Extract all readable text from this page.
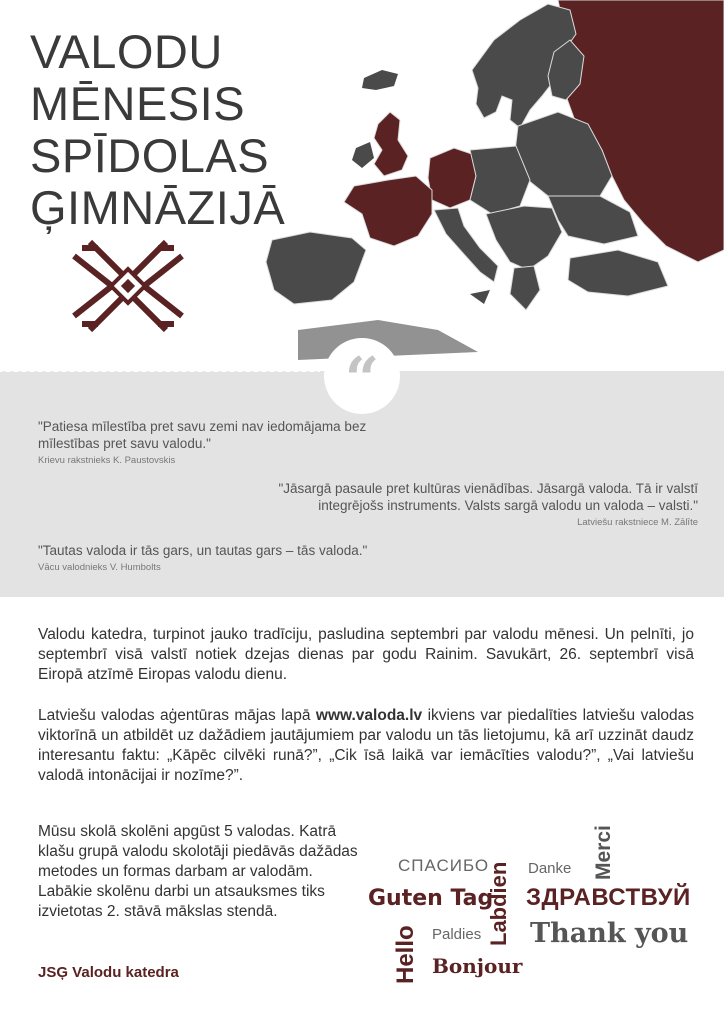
VALODU
MĒNESIS
SPĪDOLAS
ĢIMNĀZIJĀ
“
"Patiesa mīlestība pret savu zemi nav iedomājama bez mīlestības pret savu valodu."
Krievu rakstnieks K. Paustovskis
"Jāsargā pasaule pret kultūras vienādības. Jāsargā valoda. Tā ir valstī integrējošs instruments. Valsts sargā valodu un valoda – valsti."
Latviešu rakstniece M. Zālīte
"Tautas valoda ir tās gars, un tautas gars – tās valoda."
Vācu valodnieks V. Humbolts

Valodu katedra, turpinot jauko tradīciju, pasludina septembri par valodu mēnesi. Un pelnīti, jo septembrī visā valstī notiek dzejas dienas par godu Rainim. Savukārt, 26. septembrī visā Eiropā atzīmē Eiropas valodu dienu.

Latviešu valodas aģentūras mājas lapā www.valoda.lv ikviens var piedalīties latviešu valodas viktorīnā un atbildēt uz dažādiem jautājumiem par valodu un tās lietojumu, kā arī uzzināt daudz interesantu faktu: „Kāpēc cilvēki runā?”, „Cik īsā laikā var iemācīties valodu?”, „Vai latviešu valodā intonācijai ir nozīme?”.

Mūsu skolā skolēni apgūst 5 valodas. Katrā klašu grupā valodu skolotāji piedāvās dažādas metodes un formas darbam ar valodām. Labākie skolēnu darbi un atsauksmes tiks izvietotas 2. stāvā mākslas stendā.

JSĢ Valodu katedra
СПАСИБО
Labdien Danke Merci
Guten Tag ЗДРАВСТВУЙ
Hello Paldies Thank you
Bonjour
